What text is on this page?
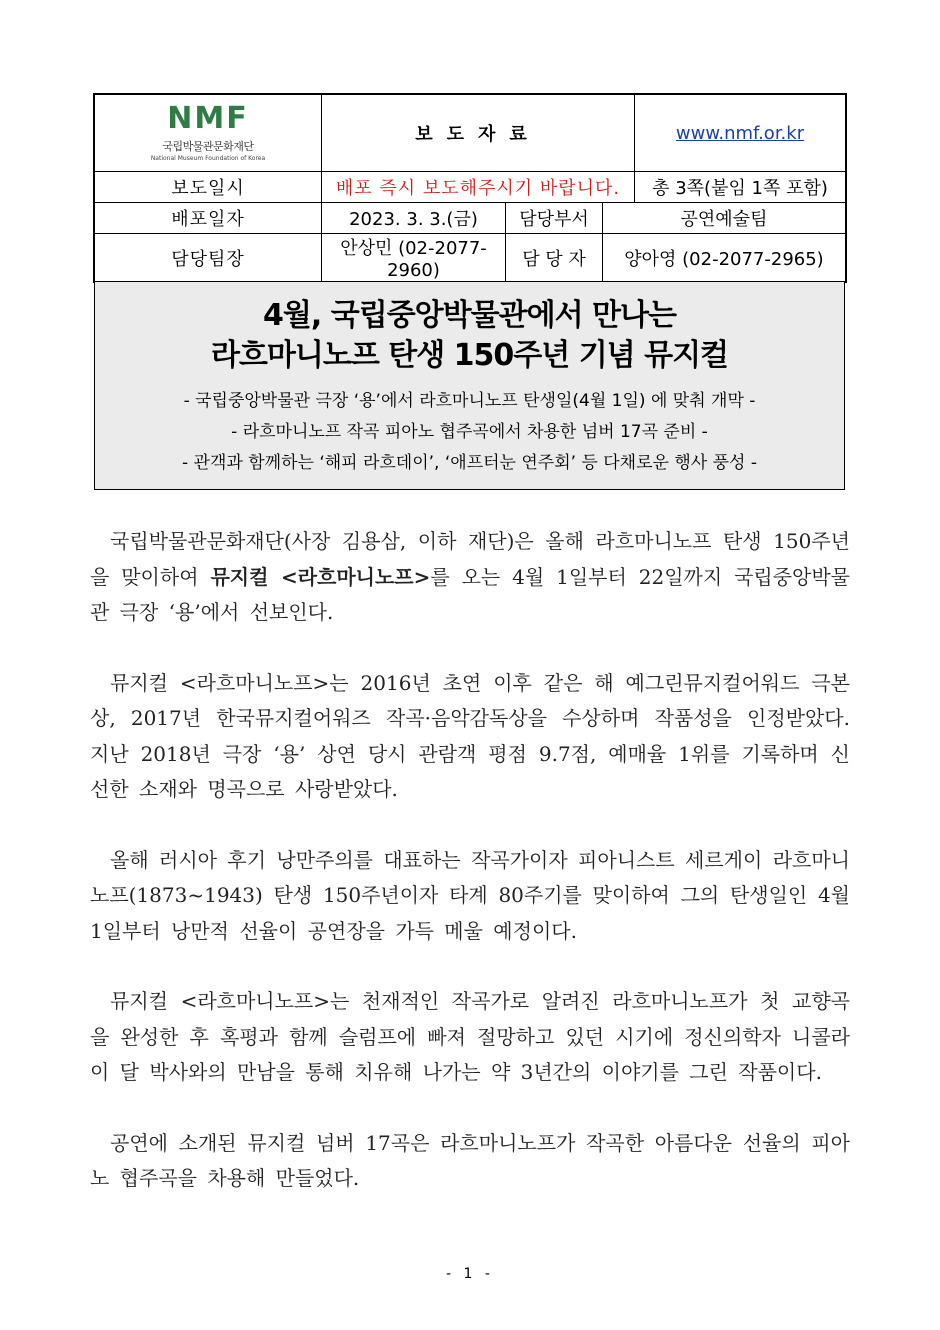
NMF
국립박물관문화재단
National Museum Foundation of Korea	보도자료			www.nmf.or.kr
보도일시	배포 즉시 보도해주시기 바랍니다.			총 3쪽(붙임 1쪽 포함)
배포일자	2023. 3. 3.(금)	담당부서	공연예술팀	
담당팀장	안상민 (02-2077-2960)	담 당 자	양아영 (02-2077-2965)	
4월, 국립중앙박물관에서 만나는
라흐마니노프 탄생 150주년 기념 뮤지컬
- 국립중앙박물관 극장 ‘용’에서 라흐마니노프 탄생일(4월 1일) 에 맞춰 개막 -
- 라흐마니노프 작곡 피아노 협주곡에서 차용한 넘버 17곡 준비 -
- 관객과 함께하는 ‘해피 라흐데이’, ‘애프터눈 연주회’ 등 다채로운 행사 풍성 -

국립박물관문화재단(사장 김용삼, 이하 재단)은 올해 라흐마니노프 탄생 150주년을 맞이하여 뮤지컬 <라흐마니노프>를 오는 4월 1일부터 22일까지 국립중앙박물관 극장 ‘용’에서 선보인다.

뮤지컬 <라흐마니노프>는 2016년 초연 이후 같은 해 예그린뮤지컬어워드 극본상, 2017년 한국뮤지컬어워즈 작곡·음악감독상을 수상하며 작품성을 인정받았다. 지난 2018년 극장 ‘용’ 상연 당시 관람객 평점 9.7점, 예매율 1위를 기록하며 신선한 소재와 명곡으로 사랑받았다.

올해 러시아 후기 낭만주의를 대표하는 작곡가이자 피아니스트 세르게이 라흐마니노프(1873~1943) 탄생 150주년이자 타계 80주기를 맞이하여 그의 탄생일인 4월 1일부터 낭만적 선율이 공연장을 가득 메울 예정이다.

뮤지컬 <라흐마니노프>는 천재적인 작곡가로 알려진 라흐마니노프가 첫 교향곡을 완성한 후 혹평과 함께 슬럼프에 빠져 절망하고 있던 시기에 정신의학자 니콜라이 달 박사와의 만남을 통해 치유해 나가는 약 3년간의 이야기를 그린 작품이다.

공연에 소개된 뮤지컬 넘버 17곡은 라흐마니노프가 작곡한 아름다운 선율의 피아노 협주곡을 차용해 만들었다.

- 1 -
